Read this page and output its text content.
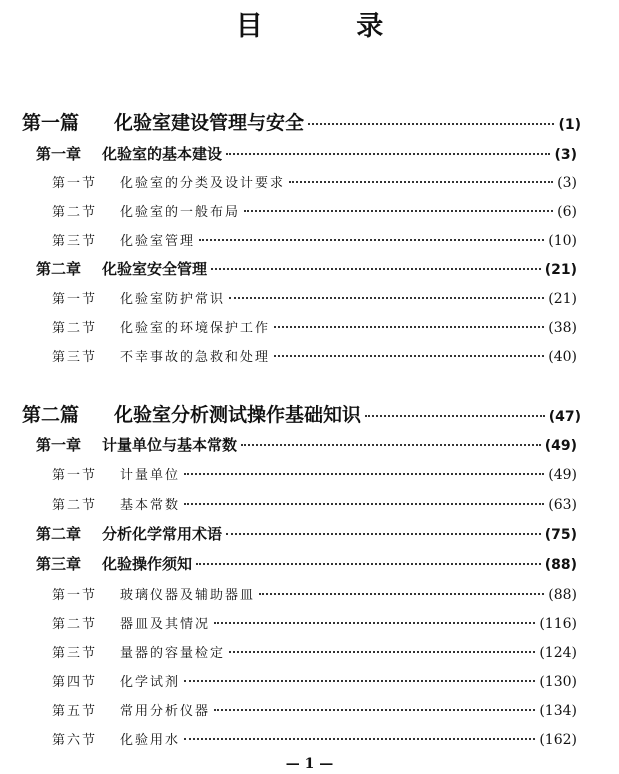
目 录
第一篇	化验室建设管理与安全	(1)
第一章	化验室的基本建设	(3)
第一节	化验室的分类及设计要求	(3)
第二节	化验室的一般布局	(6)
第三节	化验室管理	(10)
第二章	化验室安全管理	(21)
第一节	化验室防护常识	(21)
第二节	化验室的环境保护工作	(38)
第三节	不幸事故的急救和处理	(40)
第二篇	化验室分析测试操作基础知识	(47)
第一章	计量单位与基本常数	(49)
第一节	计量单位	(49)
第二节	基本常数	(63)
第二章	分析化学常用术语	(75)
第三章	化验操作须知	(88)
第一节	玻璃仪器及辅助器皿	(88)
第二节	器皿及其情况	(116)
第三节	量器的容量检定	(124)
第四节	化学试剂	(130)
第五节	常用分析仪器	(134)
第六节	化验用水	(162)
— 1 —
